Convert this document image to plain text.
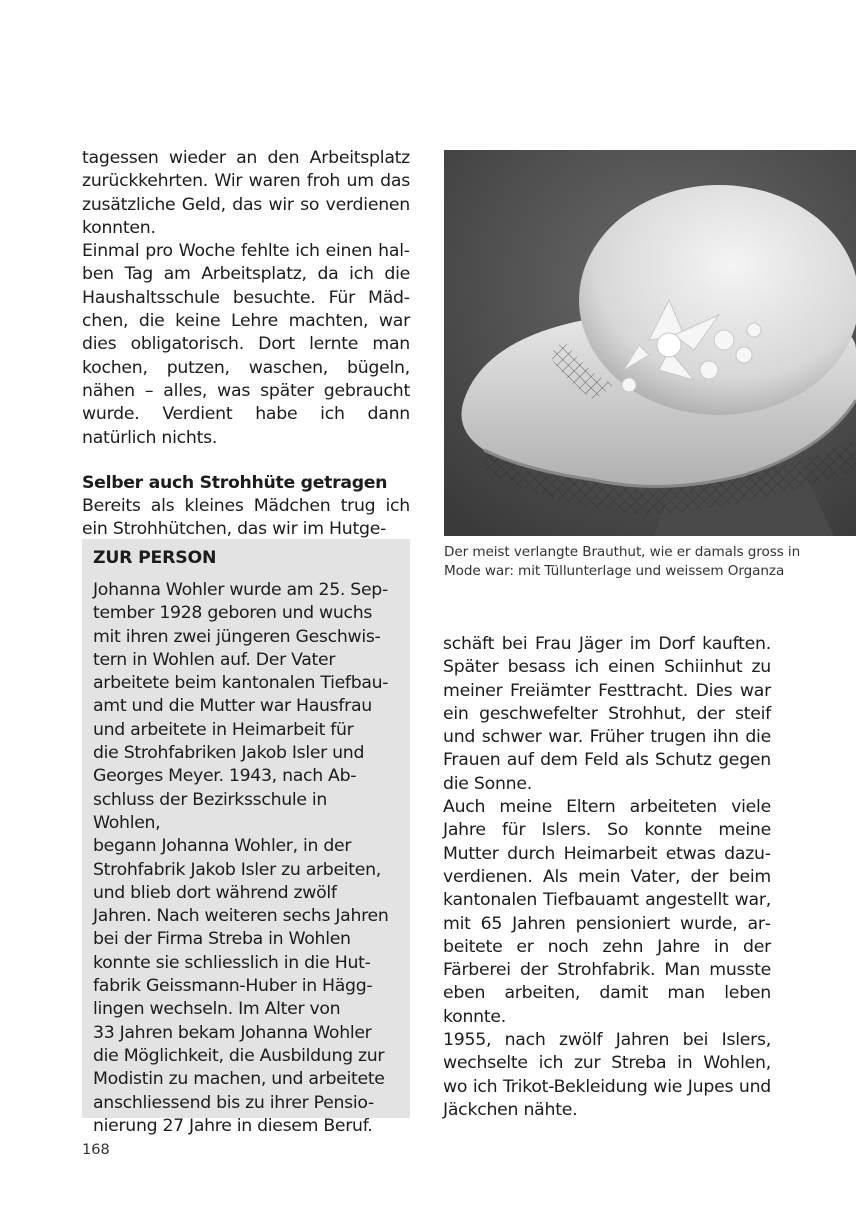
tagessen wieder an den Arbeitsplatz zurückkehrten. Wir waren froh um das zusätzliche Geld, das wir so verdienen konnten.

Einmal pro Woche fehlte ich einen halben Tag am Arbeitsplatz, da ich die Haushaltsschule besuchte. Für Mädchen, die keine Lehre machten, war dies obligatorisch. Dort lernte man kochen, putzen, waschen, bügeln, nähen – alles, was später gebraucht wurde. Verdient habe ich dann natürlich nichts.

Selber auch Strohhüte getragen

Bereits als kleines Mädchen trug ich ein Strohhütchen, das wir im Hutge-

Der meist verlangte Brauthut, wie er damals gross in Mode war: mit Tüllunterlage und weissem Organza
ZUR PERSON

Johanna Wohler wurde am 25. Sep-
tember 1928 geboren und wuchs
mit ihren zwei jüngeren Geschwis-
tern in Wohlen auf. Der Vater
arbeitete beim kantonalen Tiefbau-
amt und die Mutter war Hausfrau
und arbeitete in Heimarbeit für
die Strohfabriken Jakob Isler und
Georges Meyer. 1943, nach Ab-
schluss der Bezirksschule in Wohlen,
begann Johanna Wohler, in der
Strohfabrik Jakob Isler zu arbeiten,
und blieb dort während zwölf
Jahren. Nach weiteren sechs Jahren
bei der Firma Streba in Wohlen
konnte sie schliesslich in die Hut-
fabrik Geissmann-Huber in Hägg-
lingen wechseln. Im Alter von
33 Jahren bekam Johanna Wohler
die Möglichkeit, die Ausbildung zur
Modistin zu machen, und arbeitete
anschliessend bis zu ihrer Pensio-
nierung 27 Jahre in diesem Beruf.

schäft bei Frau Jäger im Dorf kauften. Später besass ich einen Schiinhut zu meiner Freiämter Festtracht. Dies war ein geschwefelter Strohhut, der steif und schwer war. Früher trugen ihn die Frauen auf dem Feld als Schutz gegen die Sonne.

Auch meine Eltern arbeiteten viele Jahre für Islers. So konnte meine Mutter durch Heimarbeit etwas dazuverdienen. Als mein Vater, der beim kantonalen Tiefbauamt angestellt war, mit 65 Jahren pensioniert wurde, arbeitete er noch zehn Jahre in der Färberei der Strohfabrik. Man musste eben arbeiten, damit man leben konnte.

1955, nach zwölf Jahren bei Islers, wechselte ich zur Streba in Wohlen, wo ich Trikot-Bekleidung wie Jupes und Jäckchen nähte.

168
